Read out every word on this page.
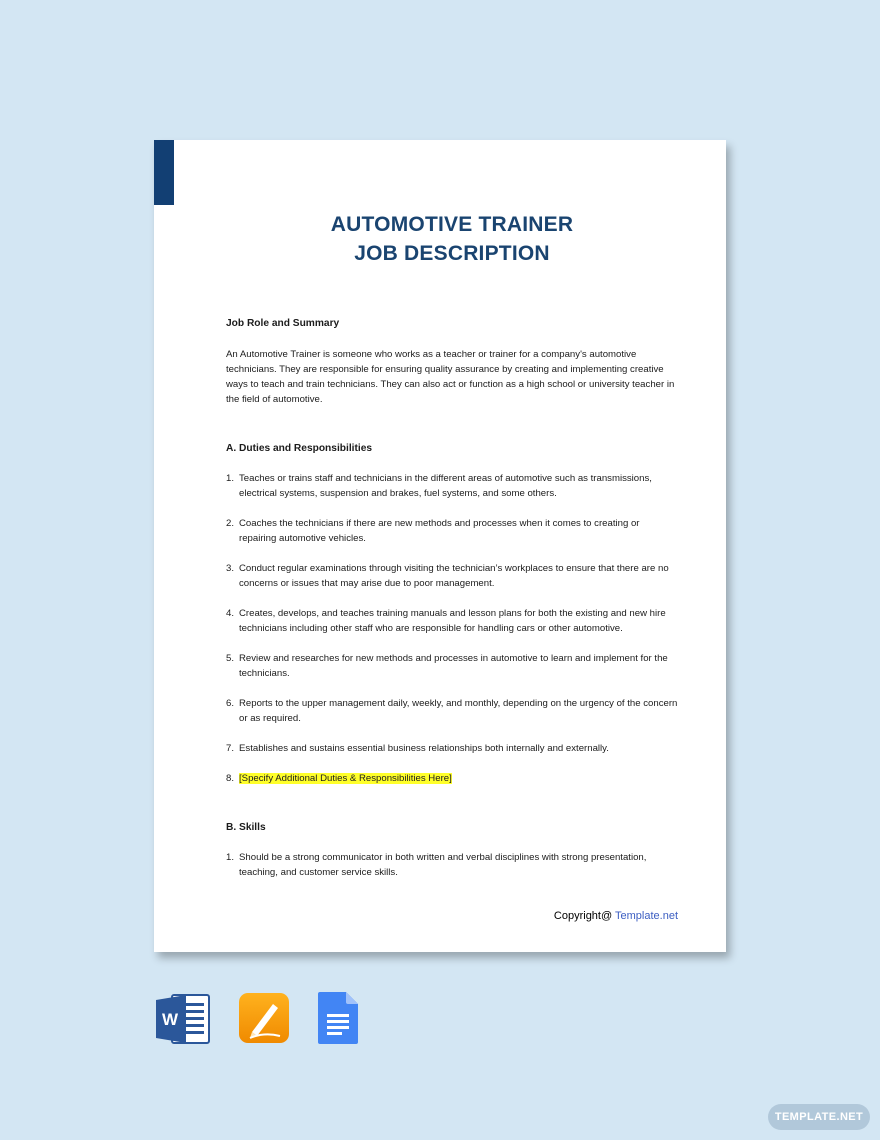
AUTOMOTIVE TRAINER
JOB DESCRIPTION
Job Role and Summary

An Automotive Trainer is someone who works as a teacher or trainer for a company's automotive technicians. They are responsible for ensuring quality assurance by creating and implementing creative ways to teach and train technicians. They can also act or function as a high school or university teacher in the field of automotive.

A. Duties and Responsibilities
1. Teaches or trains staff and technicians in the different areas of automotive such as transmissions, electrical systems, suspension and brakes, fuel systems, and some others.
2. Coaches the technicians if there are new methods and processes when it comes to creating or repairing automotive vehicles.
3. Conduct regular examinations through visiting the technician’s workplaces to ensure that there are no concerns or issues that may arise due to poor management.
4. Creates, develops, and teaches training manuals and lesson plans for both the existing and new hire technicians including other staff who are responsible for handling cars or other automotive.
5. Review and researches for new methods and processes in automotive to learn and implement for the technicians.
6. Reports to the upper management daily, weekly, and monthly, depending on the urgency of the concern or as required.
7. Establishes and sustains essential business relationships both internally and externally.
8. [Specify Additional Duties & Responsibilities Here]
B. Skills
1. Should be a strong communicator in both written and verbal disciplines with strong presentation, teaching, and customer service skills.
Copyright@ Template.net
W
TEMPLATE.NET
